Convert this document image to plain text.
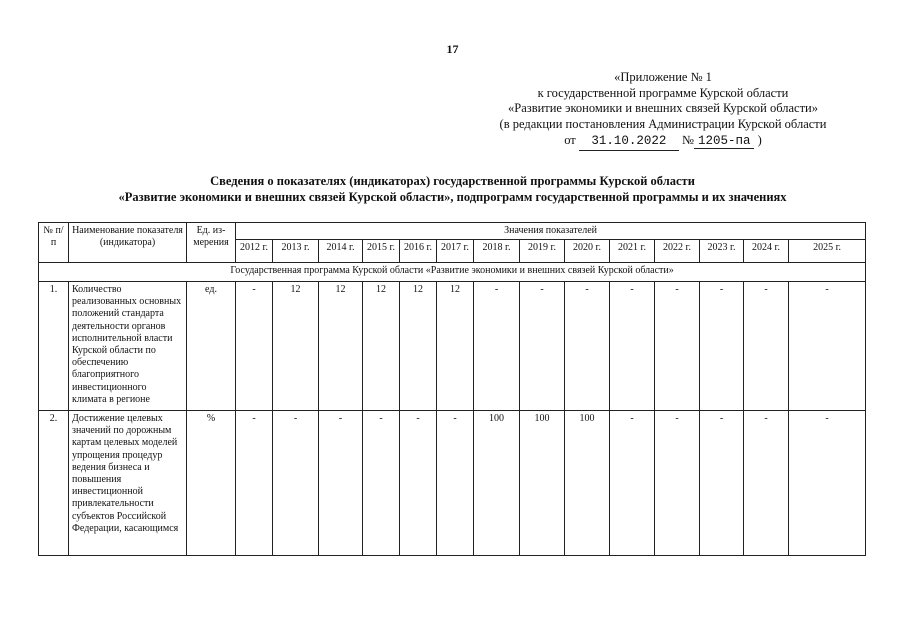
17
«Приложение № 1
к государственной программе Курской области
«Развитие экономики и внешних связей Курской области»
(в редакции постановления Администрации Курской области
от 31.10.2022 № 1205-па )
Сведения о показателях (индикаторах) государственной программы Курской области
«Развитие экономики и внешних связей Курской области», подпрограмм государственной программы и их значениях
№ п/п	Наименование показателя (индикатора)	Ед. из-мерения	Значения показателей													
			2012 г.	2013 г.	2014 г.	2015 г.	2016 г.	2017 г.	2018 г.	2019 г.	2020 г.	2021 г.	2022 г.	2023 г.	2024 г.	2025 г.
Государственная программа Курской области «Развитие экономики и внешних связей Курской области»																
1.	Количество реализованных основных положений стандарта деятельности органов исполнительной власти Курской области по обеспечению благоприятного инвестиционного климата в регионе	ед.	-	12	12	12	12	12	-	-	-	-	-	-	-	-
2.	Достижение целевых значений по дорожным картам целевых моделей упрощения процедур ведения бизнеса и повышения инвестиционной привлекательности субъектов Российской Федерации, касающимся	%	-	-	-	-	-	-	100	100	100	-	-	-	-	-
